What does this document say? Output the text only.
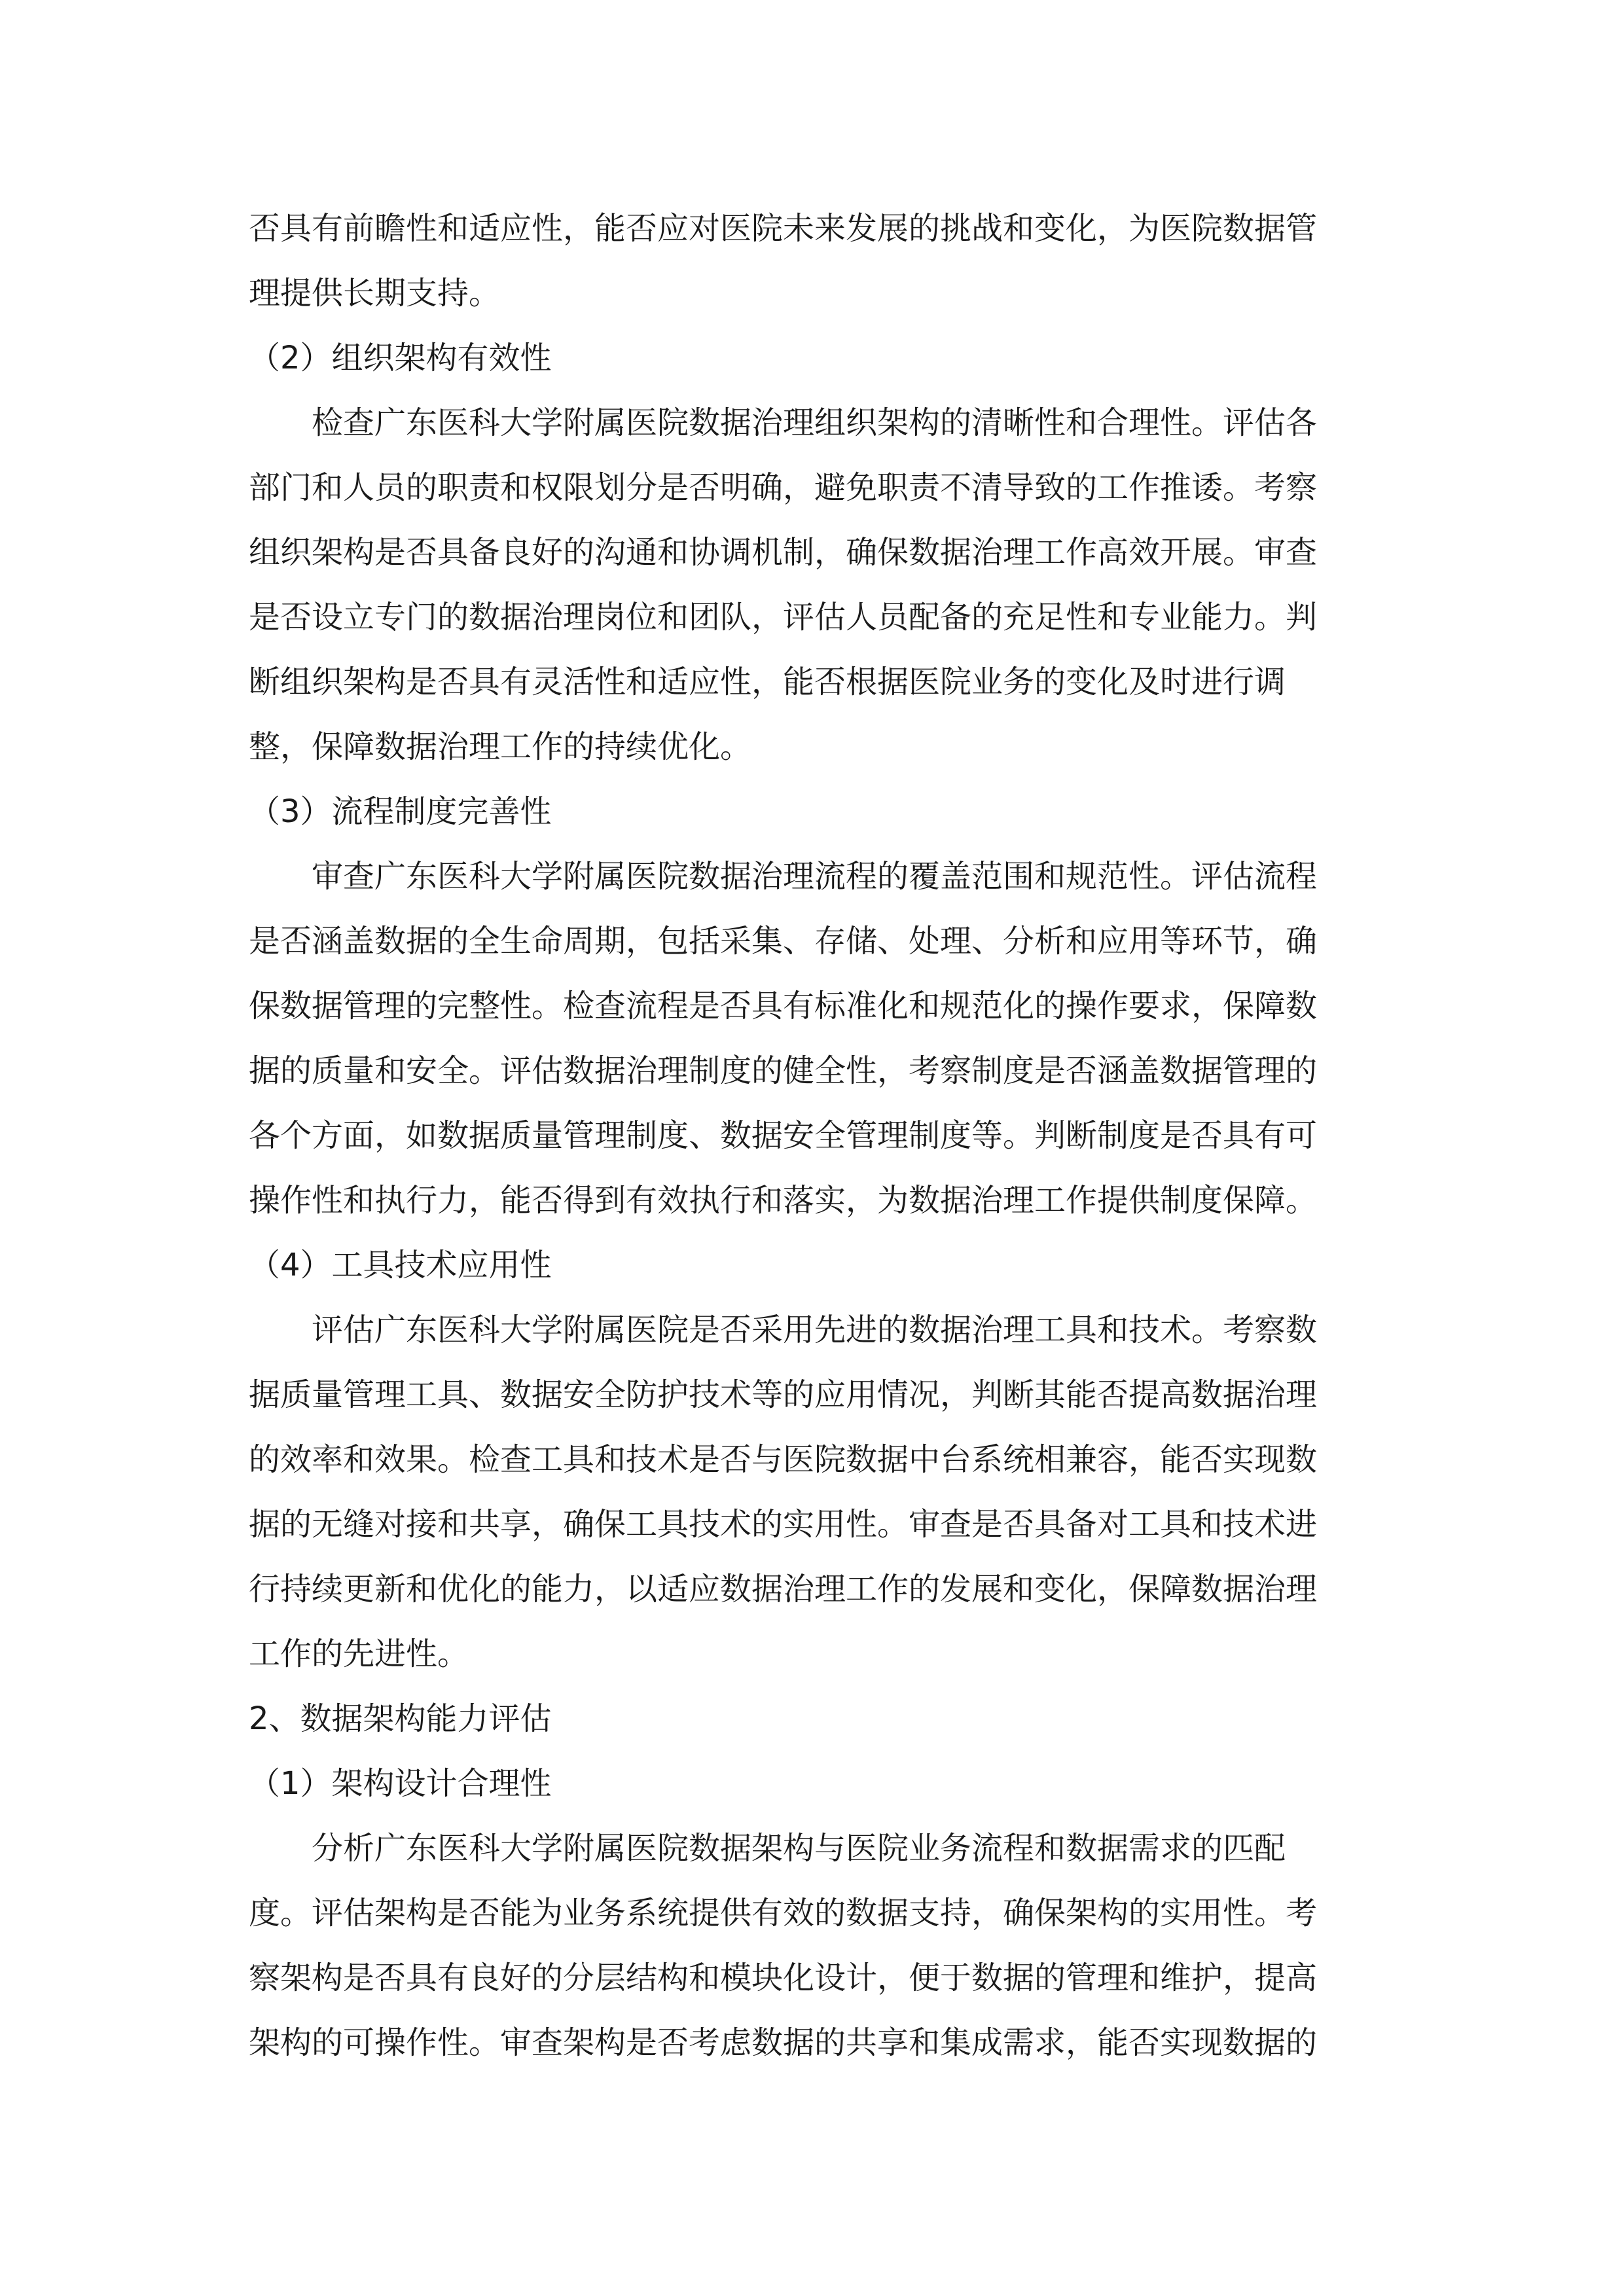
否具有前瞻性和适应性，能否应对医院未来发展的挑战和变化，为医院数据管
理提供长期支持。
（2）组织架构有效性
检查广东医科大学附属医院数据治理组织架构的清晰性和合理性。评估各
部门和人员的职责和权限划分是否明确，避免职责不清导致的工作推诿。考察
组织架构是否具备良好的沟通和协调机制，确保数据治理工作高效开展。审查
是否设立专门的数据治理岗位和团队，评估人员配备的充足性和专业能力。判
断组织架构是否具有灵活性和适应性，能否根据医院业务的变化及时进行调
整，保障数据治理工作的持续优化。
（3）流程制度完善性
审查广东医科大学附属医院数据治理流程的覆盖范围和规范性。评估流程
是否涵盖数据的全生命周期，包括采集、存储、处理、分析和应用等环节，确
保数据管理的完整性。检查流程是否具有标准化和规范化的操作要求，保障数
据的质量和安全。评估数据治理制度的健全性，考察制度是否涵盖数据管理的
各个方面，如数据质量管理制度、数据安全管理制度等。判断制度是否具有可
操作性和执行力，能否得到有效执行和落实，为数据治理工作提供制度保障。
（4）工具技术应用性
评估广东医科大学附属医院是否采用先进的数据治理工具和技术。考察数
据质量管理工具、数据安全防护技术等的应用情况，判断其能否提高数据治理
的效率和效果。检查工具和技术是否与医院数据中台系统相兼容，能否实现数
据的无缝对接和共享，确保工具技术的实用性。审查是否具备对工具和技术进
行持续更新和优化的能力，以适应数据治理工作的发展和变化，保障数据治理
工作的先进性。
2、数据架构能力评估
（1）架构设计合理性
分析广东医科大学附属医院数据架构与医院业务流程和数据需求的匹配
度。评估架构是否能为业务系统提供有效的数据支持，确保架构的实用性。考
察架构是否具有良好的分层结构和模块化设计，便于数据的管理和维护，提高
架构的可操作性。审查架构是否考虑数据的共享和集成需求，能否实现数据的
